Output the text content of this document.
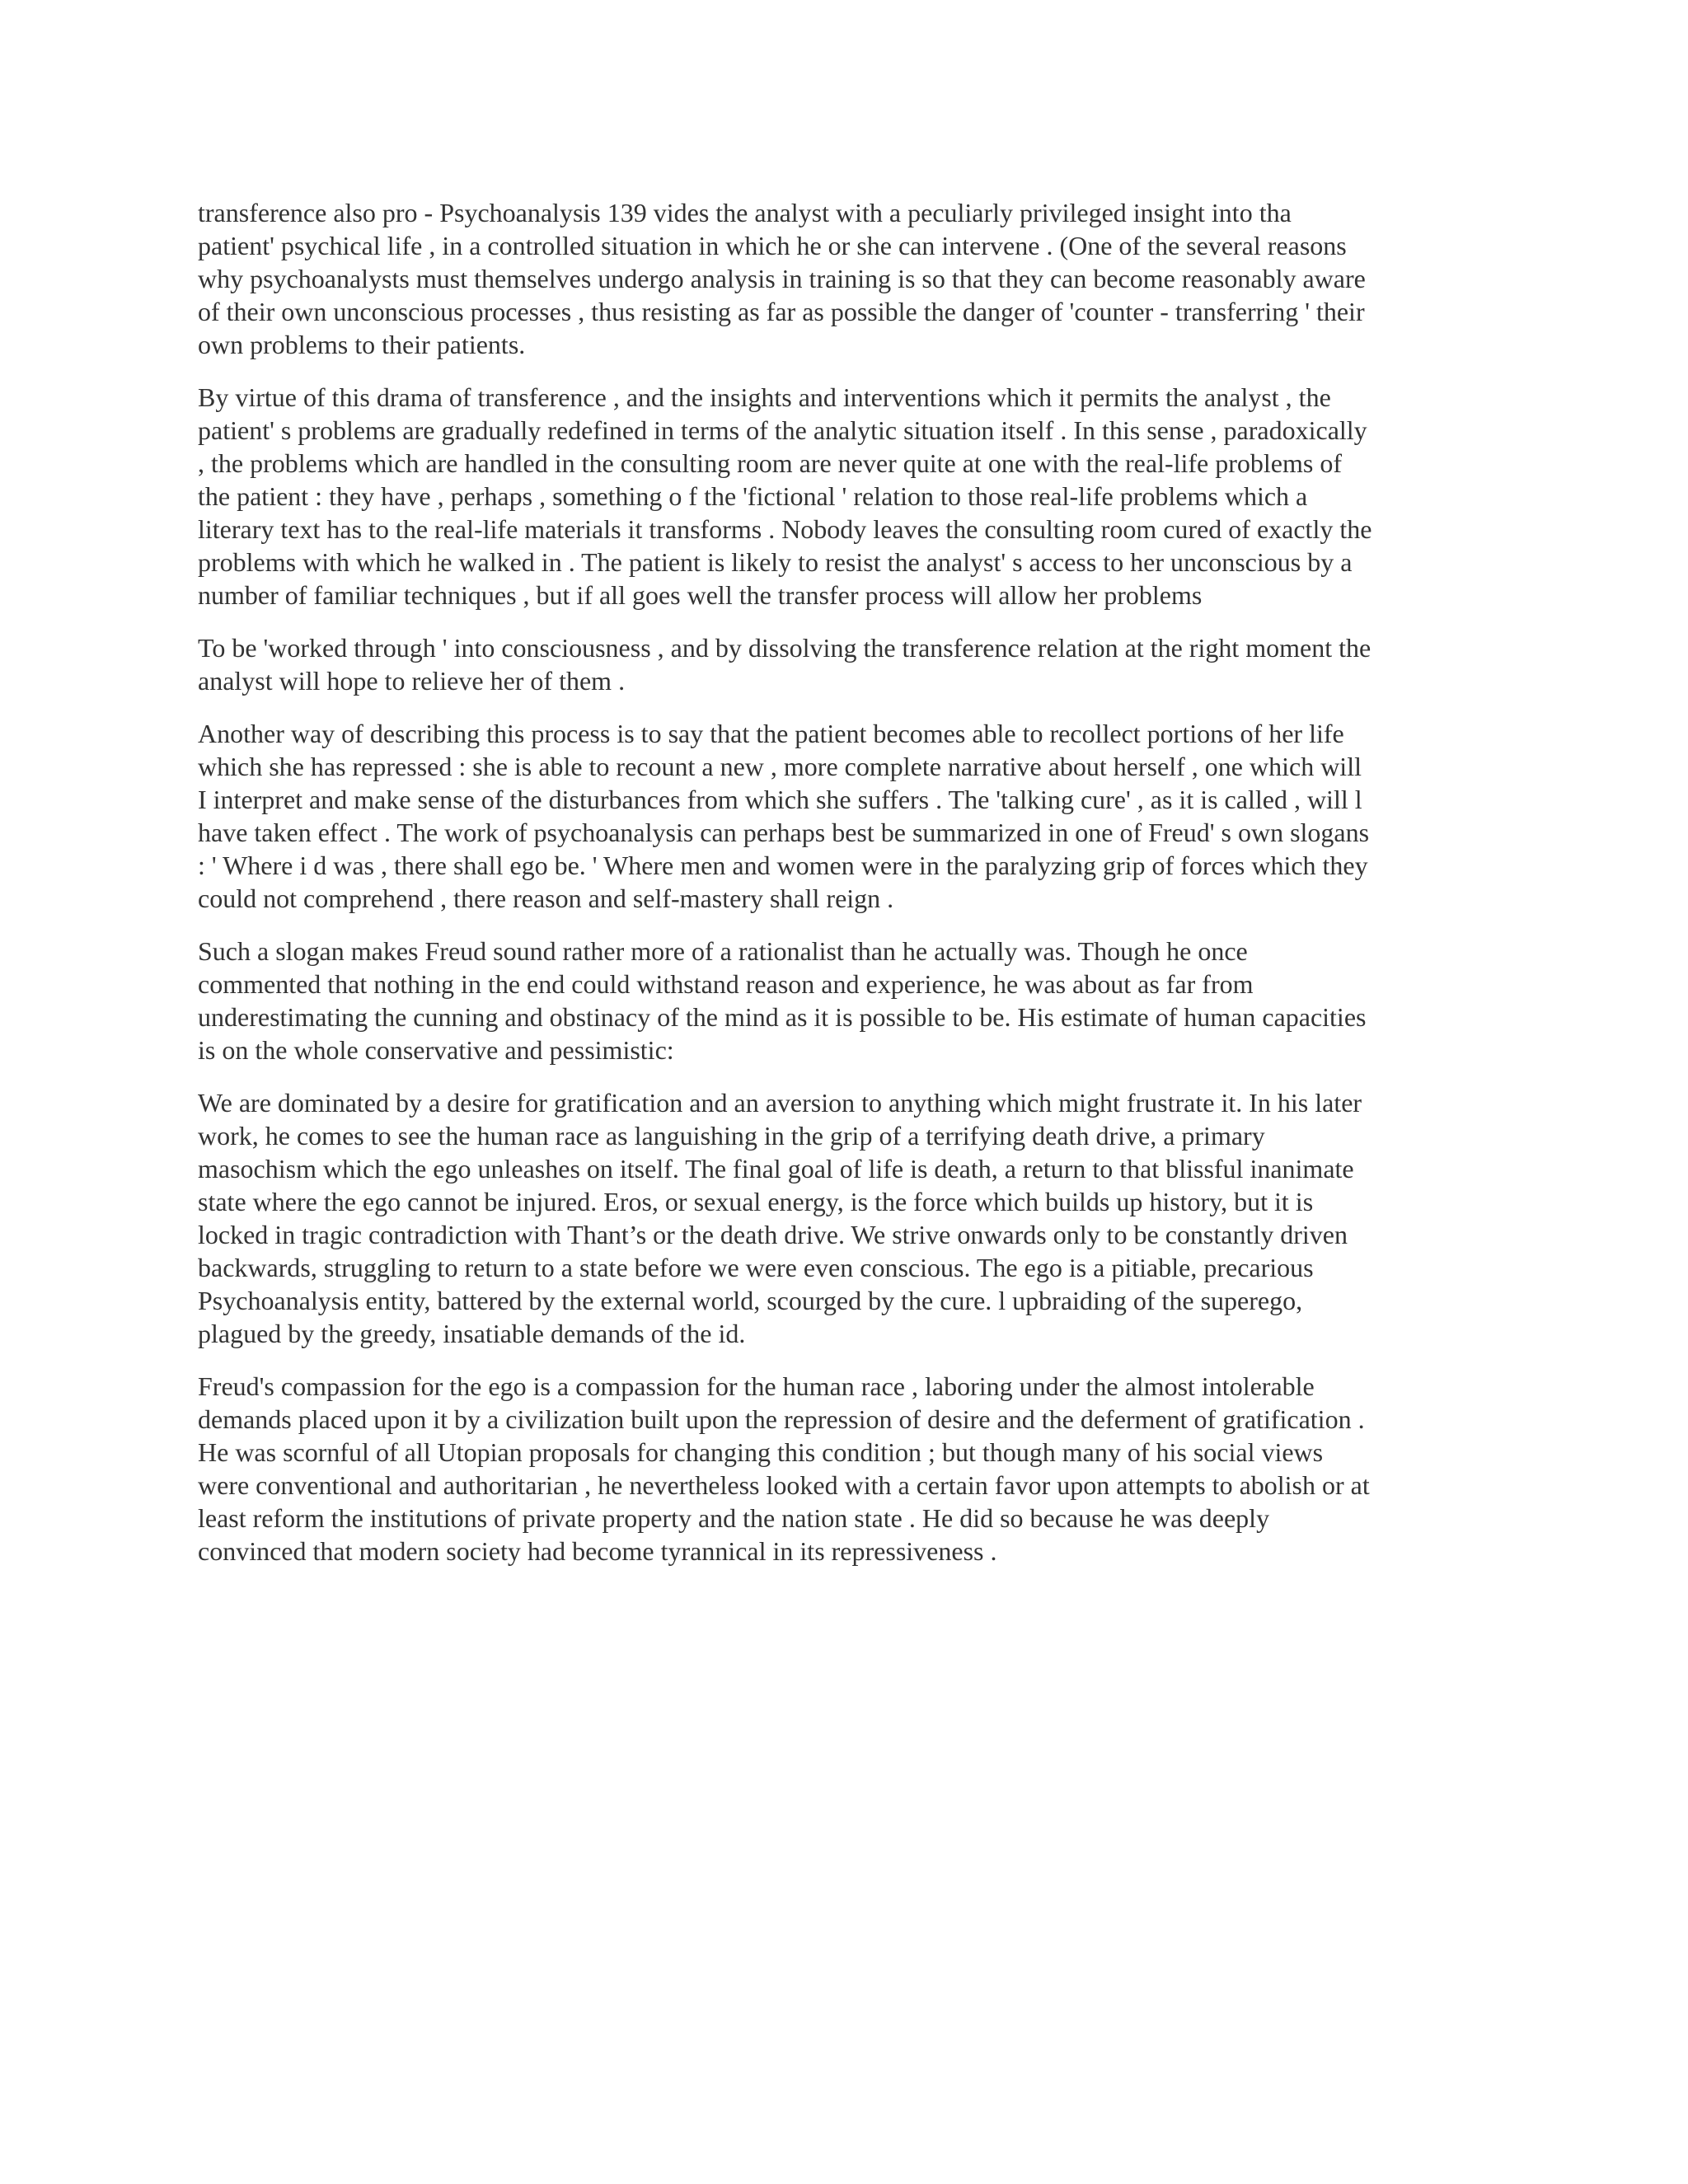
transference also pro - Psychoanalysis 139 vides the analyst with a peculiarly privileged insight into tha
patient' psychical life , in a controlled situation in which he or she can intervene . (One of the several reasons
why psychoanalysts must themselves undergo analysis in training is so that they can become reasonably aware
of their own unconscious processes , thus resisting as far as possible the danger of 'counter - transferring ' their
own problems to their patients.
By virtue of this drama of transference , and the insights and interventions which it permits the analyst , the
patient' s problems are gradually redefined in terms of the analytic situation itself . In this sense , paradoxically
, the problems which are handled in the consulting room are never quite at one with the real-life problems of
the patient : they have , perhaps , something o f the 'fictional ' relation to those real-life problems which a
literary text has to the real-life materials it transforms . Nobody leaves the consulting room cured of exactly the
problems with which he walked in . The patient is likely to resist the analyst' s access to her unconscious by a
number of familiar techniques , but if all goes well the transfer process will allow her problems
To be 'worked through ' into consciousness , and by dissolving the transference relation at the right moment the
analyst will hope to relieve her of them .
Another way of describing this process is to say that the patient becomes able to recollect portions of her life
which she has repressed : she is able to recount a new , more complete narrative about herself , one which will
I interpret and make sense of the disturbances from which she suffers . The 'talking cure' , as it is called , will l
have taken effect . The work of psychoanalysis can perhaps best be summarized in one of Freud' s own slogans
: ' Where i d was , there shall ego be. ' Where men and women were in the paralyzing grip of forces which they
could not comprehend , there reason and self-mastery shall reign .
Such a slogan makes Freud sound rather more of a rationalist than he actually was. Though he once
commented that nothing in the end could withstand reason and experience, he was about as far from
underestimating the cunning and obstinacy of the mind as it is possible to be. His estimate of human capacities
is on the whole conservative and pessimistic:
We are dominated by a desire for gratification and an aversion to anything which might frustrate it. In his later
work, he comes to see the human race as languishing in the grip of a terrifying death drive, a primary
masochism which the ego unleashes on itself. The final goal of life is death, a return to that blissful inanimate
state where the ego cannot be injured. Eros, or sexual energy, is the force which builds up history, but it is
locked in tragic contradiction with Thant’s or the death drive. We strive onwards only to be constantly driven
backwards, struggling to return to a state before we were even conscious. The ego is a pitiable, precarious
Psychoanalysis entity, battered by the external world, scourged by the cure. l upbraiding of the superego,
plagued by the greedy, insatiable demands of the id.
Freud's compassion for the ego is a compassion for the human race , laboring under the almost intolerable
demands placed upon it by a civilization built upon the repression of desire and the deferment of gratification .
He was scornful of all Utopian proposals for changing this condition ; but though many of his social views
were conventional and authoritarian , he nevertheless looked with a certain favor upon attempts to abolish or at
least reform the institutions of private property and the nation state . He did so because he was deeply
convinced that modern society had become tyrannical in its repressiveness .
